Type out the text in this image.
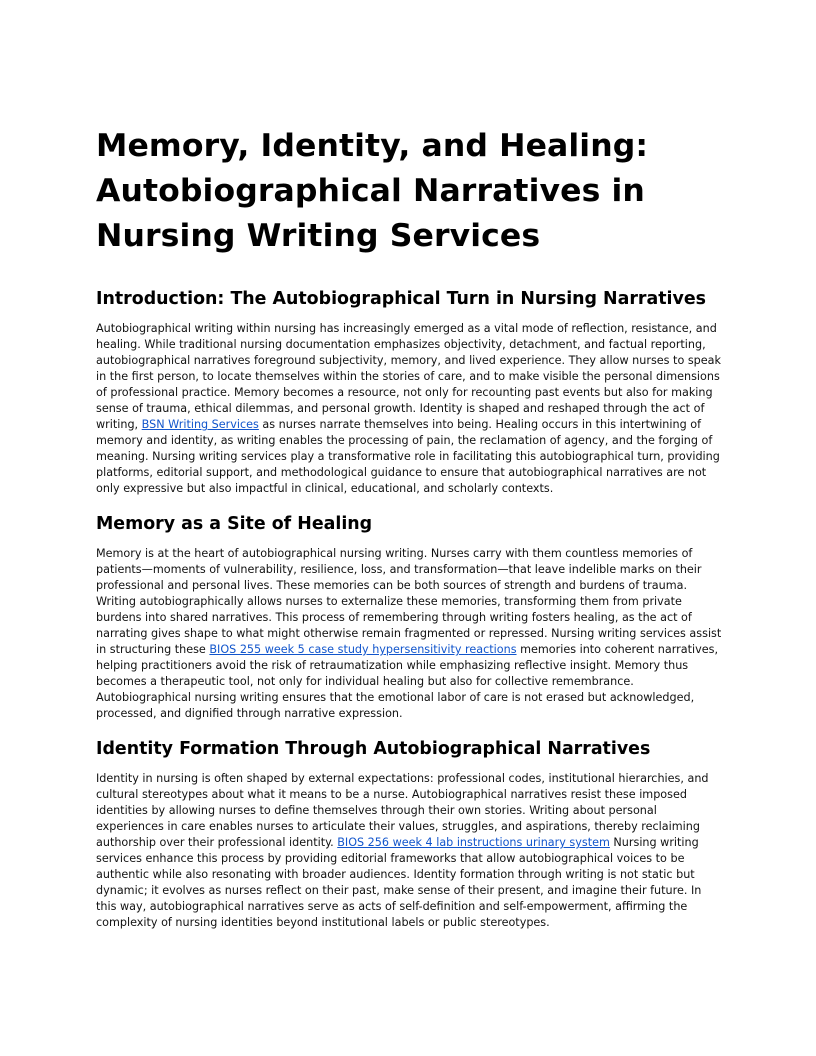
Memory, Identity, and Healing: Autobiographical Narratives in Nursing Writing Services
Introduction: The Autobiographical Turn in Nursing Narratives

Autobiographical writing within nursing has increasingly emerged as a vital mode of reflection, resistance, and healing. While traditional nursing documentation emphasizes objectivity, detachment, and factual reporting, autobiographical narratives foreground subjectivity, memory, and lived experience. They allow nurses to speak in the first person, to locate themselves within the stories of care, and to make visible the personal dimensions of professional practice. Memory becomes a resource, not only for recounting past events but also for making sense of trauma, ethical dilemmas, and personal growth. Identity is shaped and reshaped through the act of writing, BSN Writing Services as nurses narrate themselves into being. Healing occurs in this intertwining of memory and identity, as writing enables the processing of pain, the reclamation of agency, and the forging of meaning. Nursing writing services play a transformative role in facilitating this autobiographical turn, providing platforms, editorial support, and methodological guidance to ensure that autobiographical narratives are not only expressive but also impactful in clinical, educational, and scholarly contexts.

Memory as a Site of Healing

Memory is at the heart of autobiographical nursing writing. Nurses carry with them countless memories of patients—moments of vulnerability, resilience, loss, and transformation—that leave indelible marks on their professional and personal lives. These memories can be both sources of strength and burdens of trauma. Writing autobiographically allows nurses to externalize these memories, transforming them from private burdens into shared narratives. This process of remembering through writing fosters healing, as the act of narrating gives shape to what might otherwise remain fragmented or repressed. Nursing writing services assist in structuring these BIOS 255 week 5 case study hypersensitivity reactions memories into coherent narratives, helping practitioners avoid the risk of retraumatization while emphasizing reflective insight. Memory thus becomes a therapeutic tool, not only for individual healing but also for collective remembrance. Autobiographical nursing writing ensures that the emotional labor of care is not erased but acknowledged, processed, and dignified through narrative expression.

Identity Formation Through Autobiographical Narratives

Identity in nursing is often shaped by external expectations: professional codes, institutional hierarchies, and cultural stereotypes about what it means to be a nurse. Autobiographical narratives resist these imposed identities by allowing nurses to define themselves through their own stories. Writing about personal experiences in care enables nurses to articulate their values, struggles, and aspirations, thereby reclaiming authorship over their professional identity. BIOS 256 week 4 lab instructions urinary system Nursing writing services enhance this process by providing editorial frameworks that allow autobiographical voices to be authentic while also resonating with broader audiences. Identity formation through writing is not static but dynamic; it evolves as nurses reflect on their past, make sense of their present, and imagine their future. In this way, autobiographical narratives serve as acts of self-definition and self-empowerment, affirming the complexity of nursing identities beyond institutional labels or public stereotypes.
